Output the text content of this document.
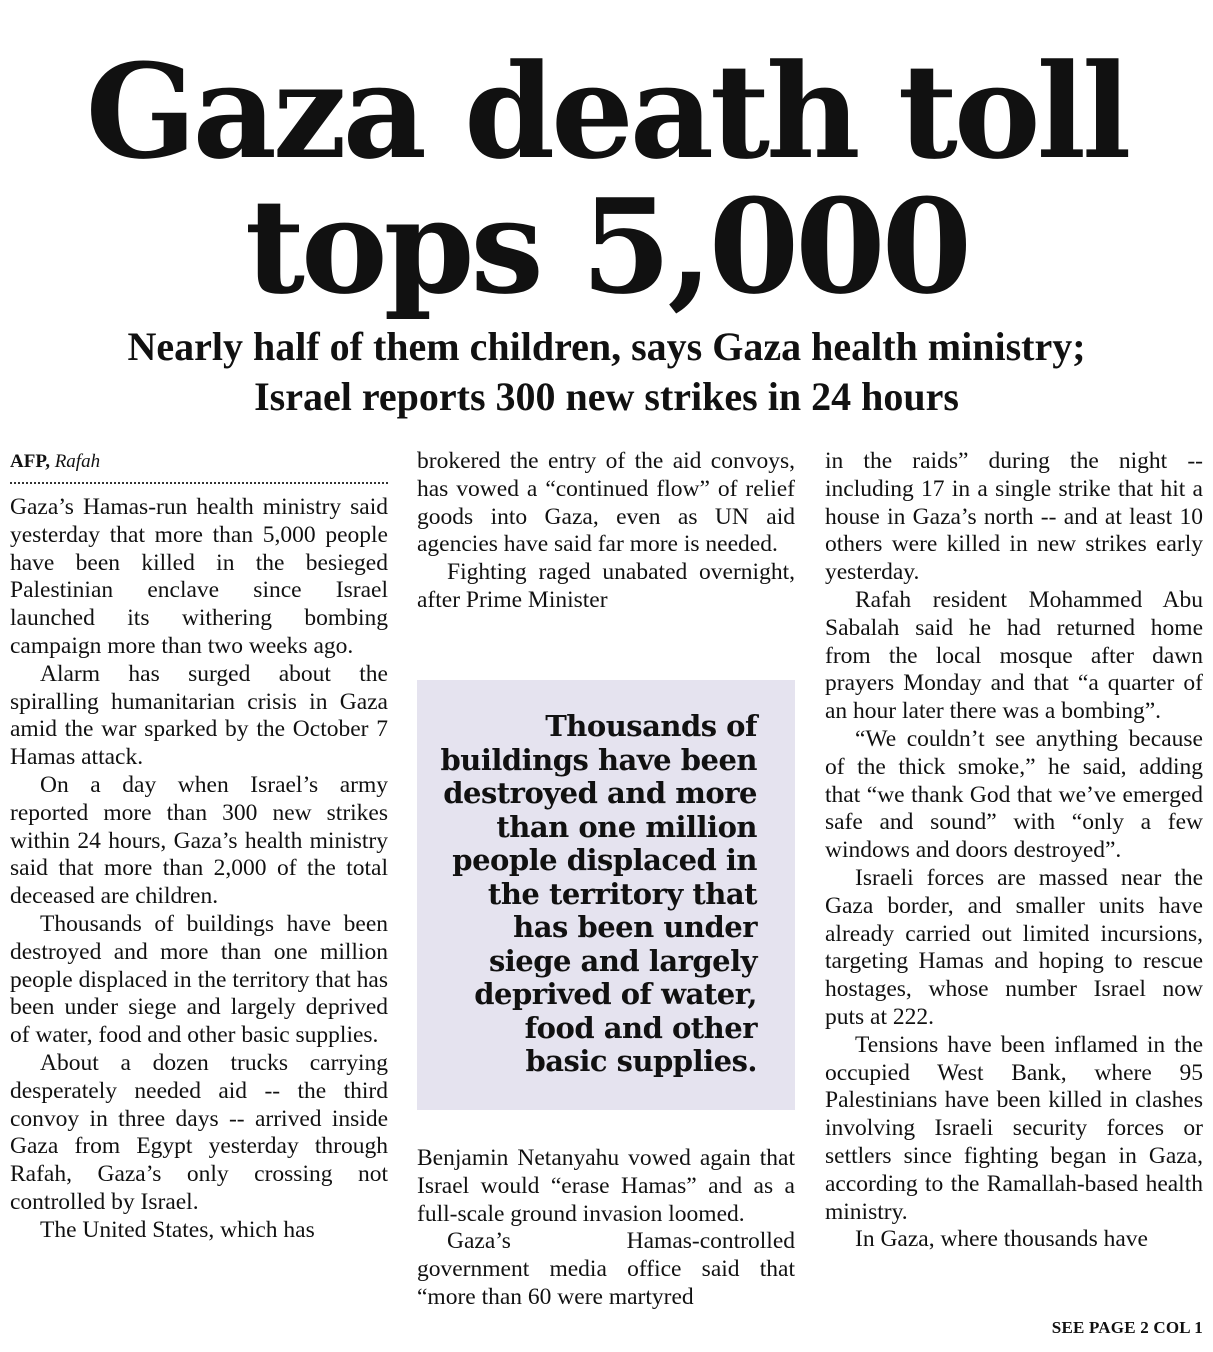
Gaza death toll
tops 5,000
Nearly half of them children, says Gaza health ministry;
Israel reports 300 new strikes in 24 hours
AFP, Rafah

Gaza’s Hamas-run health ministry said yesterday that more than 5,000 people have been killed in the besieged Palestinian enclave since Israel launched its withering bombing campaign more than two weeks ago.

Alarm has surged about the spiralling humanitarian crisis in Gaza amid the war sparked by the October 7 Hamas attack.

On a day when Israel’s army reported more than 300 new strikes within 24 hours, Gaza’s health ministry said that more than 2,000 of the total deceased are children.

Thousands of buildings have been destroyed and more than one million people displaced in the territory that has been under siege and largely deprived of water, food and other basic supplies.

About a dozen trucks carrying desperately needed aid -- the third convoy in three days -- arrived inside Gaza from Egypt yesterday through Rafah, Gaza’s only crossing not controlled by Israel.

The United States, which has

brokered the entry of the aid convoys, has vowed a “continued flow” of relief goods into Gaza, even as UN aid agencies have said far more is needed.

Fighting raged unabated overnight, after Prime Minister

Thousands of buildings have been destroyed and more than one million people displaced in the territory that has been under siege and largely deprived of water, food and other basic supplies.

Benjamin Netanyahu vowed again that Israel would “erase Hamas” and as a full-scale ground invasion loomed.

Gaza’s Hamas-controlled government media office said that “more than 60 were martyred

in the raids” during the night -- including 17 in a single strike that hit a house in Gaza’s north -- and at least 10 others were killed in new strikes early yesterday.

Rafah resident Mohammed Abu Sabalah said he had returned home from the local mosque after dawn prayers Monday and that “a quarter of an hour later there was a bombing”.

“We couldn’t see anything because of the thick smoke,” he said, adding that “we thank God that we’ve emerged safe and sound” with “only a few windows and doors destroyed”.

Israeli forces are massed near the Gaza border, and smaller units have already carried out limited incursions, targeting Hamas and hoping to rescue hostages, whose number Israel now puts at 222.

Tensions have been inflamed in the occupied West Bank, where 95 Palestinians have been killed in clashes involving Israeli security forces or settlers since fighting began in Gaza, according to the Ramallah-based health ministry.

In Gaza, where thousands have

SEE PAGE 2 COL 1
